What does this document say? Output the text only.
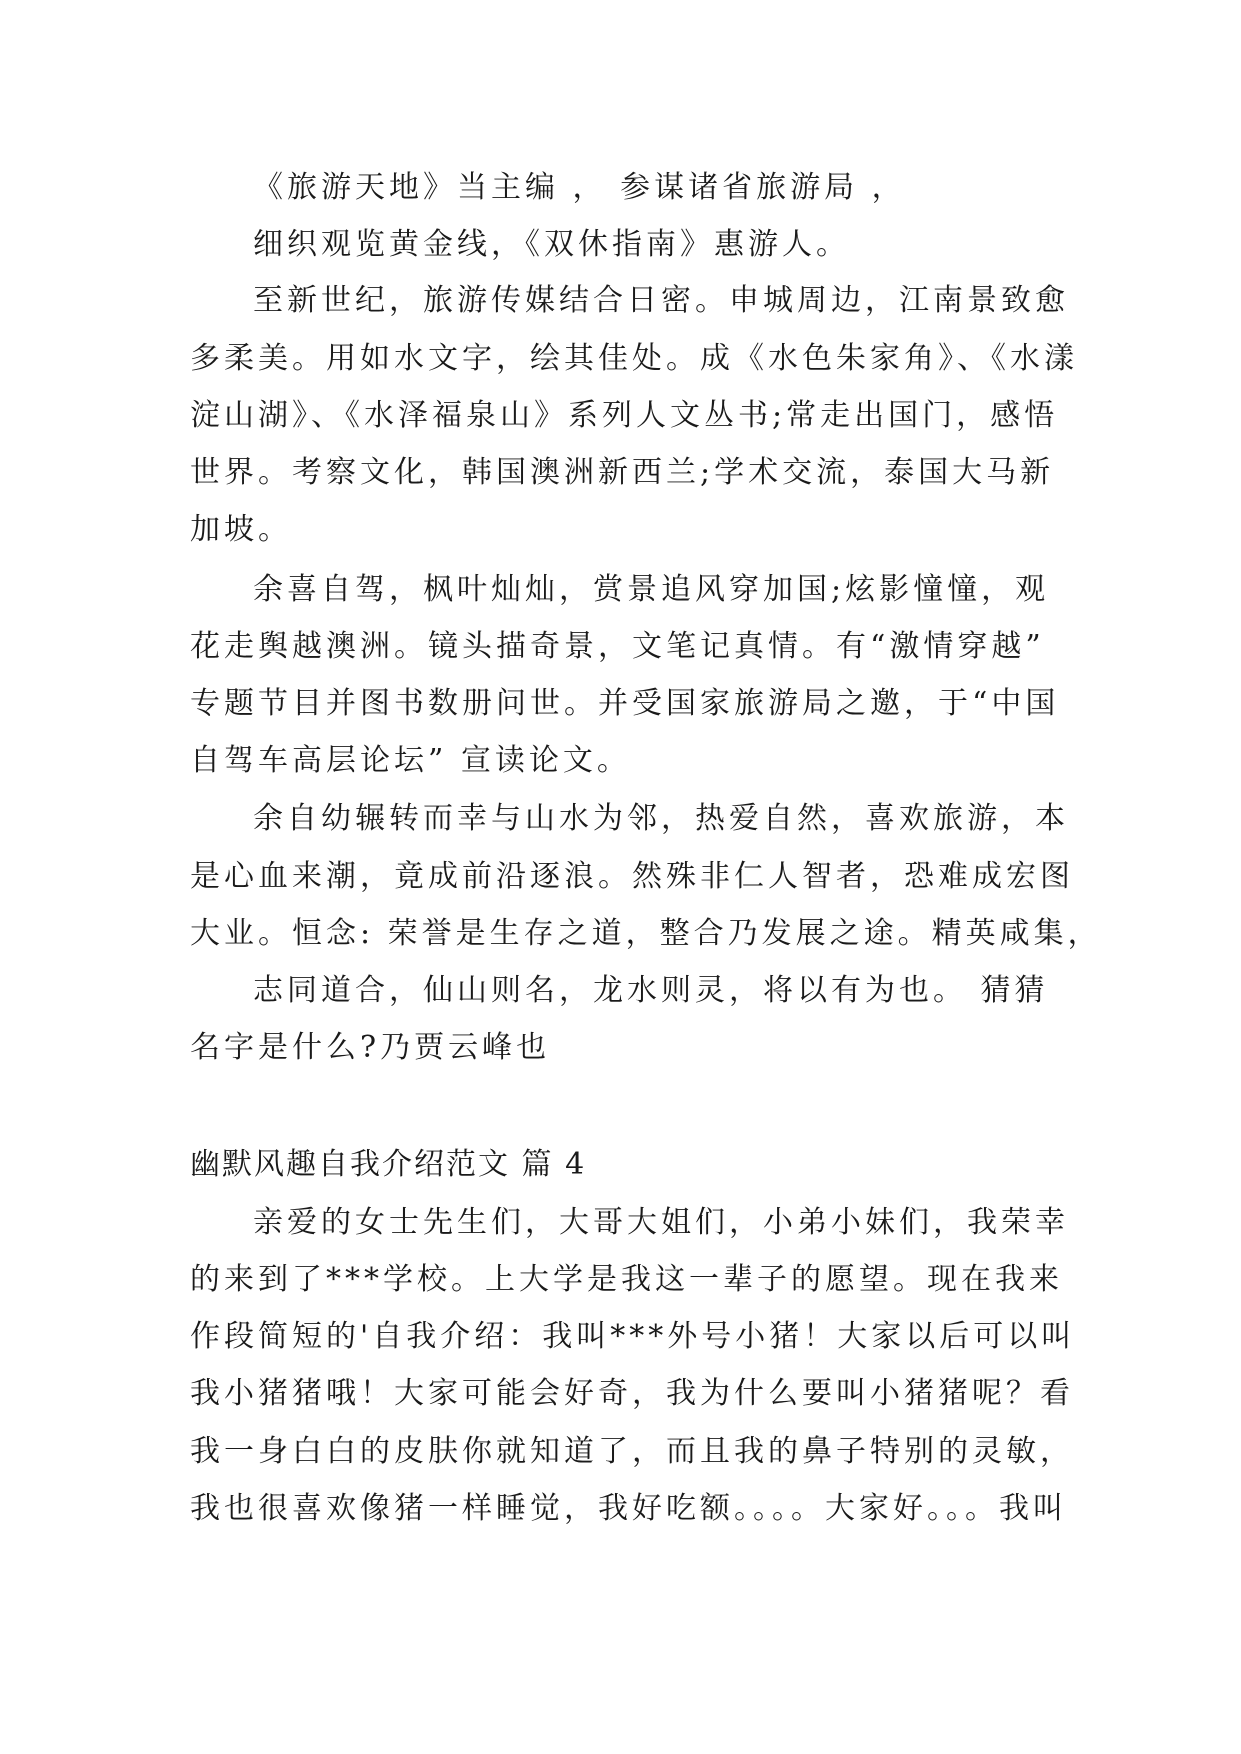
《旅游天地》当主编 ， 参谋诸省旅游局 ，
细织观览黄金线，《双休指南》惠游人。
至新世纪，旅游传媒结合日密。申城周边，江南景致愈
多柔美。用如水文字，绘其佳处。成《水色朱家角》、《水漾
淀山湖》、《水泽福泉山》系列人文丛书;常走出国门，感悟
世界。考察文化，韩国澳洲新西兰;学术交流，泰国大马新
加坡。
余喜自驾，枫叶灿灿，赏景追风穿加国;炫影憧憧，观
花走舆越澳洲。镜头描奇景，文笔记真情。有“激情穿越”
专题节目并图书数册问世。并受国家旅游局之邀，于“中国
自驾车高层论坛” 宣读论文。
余自幼辗转而幸与山水为邻，热爱自然，喜欢旅游，本
是心血来潮，竟成前沿逐浪。然殊非仁人智者，恐难成宏图
大业。恒念: 荣誉是生存之道，整合乃发展之途。精英咸集，
志同道合，仙山则名，龙水则灵，将以有为也。 猜猜
名字是什么?乃贾云峰也
幽默风趣自我介绍范文 篇 4
亲爱的女士先生们，大哥大姐们，小弟小妹们，我荣幸
的来到了***学校。上大学是我这一辈子的愿望。现在我来
作段简短的'自我介绍：我叫***外号小猪！大家以后可以叫
我小猪猪哦！大家可能会好奇，我为什么要叫小猪猪呢？看
我一身白白的皮肤你就知道了，而且我的鼻子特别的灵敏，
我也很喜欢像猪一样睡觉，我好吃额。。。。大家好。。。我叫
